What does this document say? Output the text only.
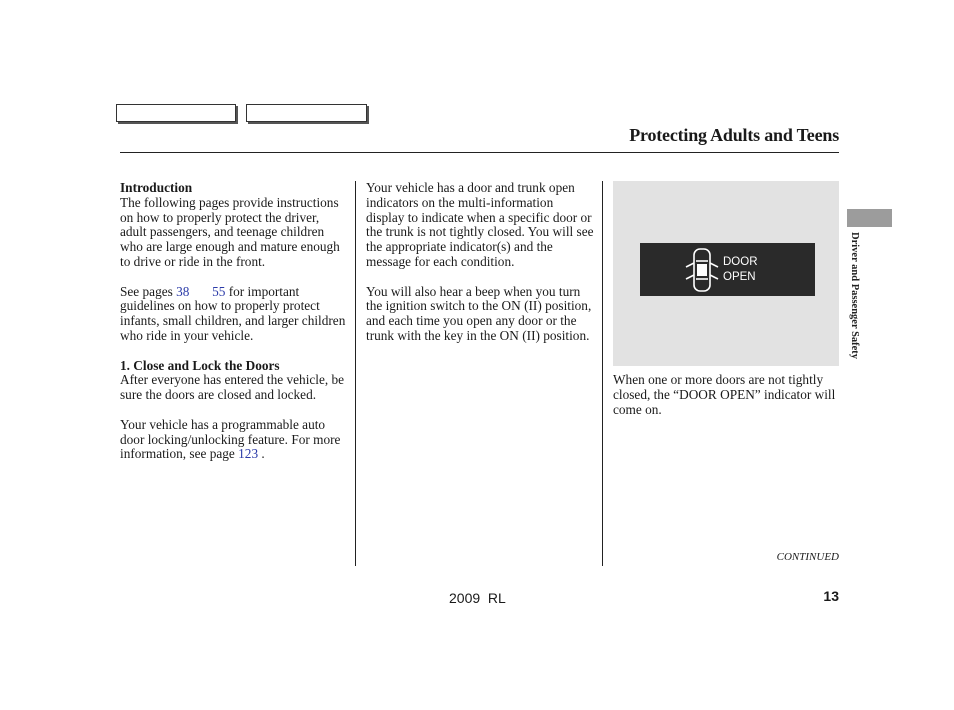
Protecting Adults and Teens

Introduction
The following pages provide instructions on how to properly protect the driver, adult passengers, and teenage children who are large enough and mature enough to drive or ride in the front.

See pages 38 55 for important guidelines on how to properly protect infants, small children, and larger children who ride in your vehicle.

1. Close and Lock the Doors
After everyone has entered the vehicle, be sure the doors are closed and locked.

Your vehicle has a programmable auto door locking/unlocking feature. For more information, see page 123 .

Your vehicle has a door and trunk open indicators on the multi-information display to indicate when a specific door or the trunk is not tightly closed. You will see the appropriate indicator(s) and the message for each condition.

You will also hear a beep when you turn the ignition switch to the ON (II) position, and each time you open any door or the trunk with the key in the ON (II) position.

DOOR
OPEN
When one or more doors are not tightly closed, the “DOOR OPEN” indicator will come on.
Driver and Passenger Safety
CONTINUED
2009  RL	13
